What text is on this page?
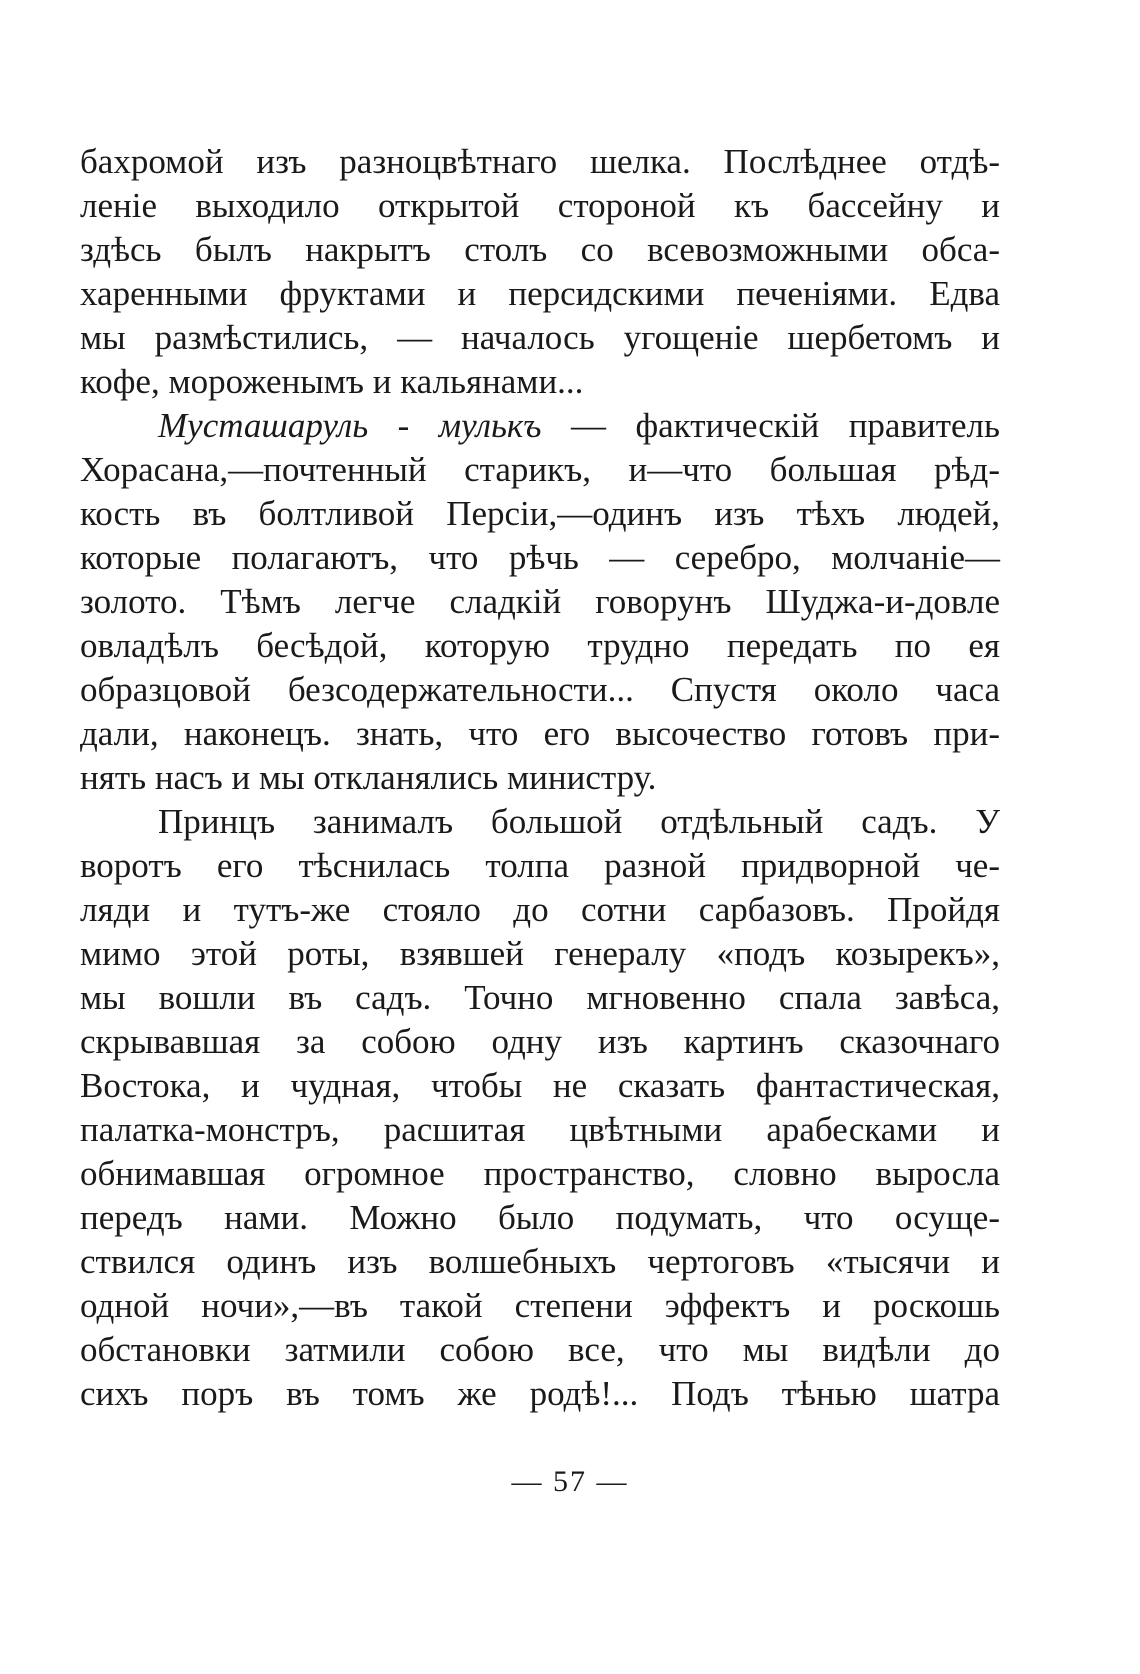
бахромой изъ разноцвѣтнаго шелка. Послѣднее отдѣ-
леніе выходило открытой стороной къ бассейну и
здѣсь былъ накрытъ столъ со всевозможными обса-
харенными фруктами и персидскими печеніями. Едва
мы размѣстились, — началось угощеніе шербетомъ и
кофе, мороженымъ и кальянами...
Мусташаруль - мулькъ — фактическій правитель
Хорасана,—почтенный старикъ, и—что большая рѣд-
кость въ болтливой Персіи,—одинъ изъ тѣхъ людей,
которые полагаютъ, что рѣчь — серебро, молчаніе—
золото. Тѣмъ легче сладкій говорунъ Шуджа-и-довле
овладѣлъ бесѣдой, которую трудно передать по ея
образцовой безсодержательности... Спустя около часа
дали, наконецъ. знать, что его высочество готовъ при-
нять насъ и мы откланялись министру.
Принцъ занималъ большой отдѣльный садъ. У
воротъ его тѣснилась толпа разной придворной че-
ляди и тутъ-же стояло до сотни сарбазовъ. Пройдя
мимо этой роты, взявшей генералу «подъ козырекъ»,
мы вошли въ садъ. Точно мгновенно спала завѣса,
скрывавшая за собою одну изъ картинъ сказочнаго
Востока, и чудная, чтобы не сказать фантастическая,
палатка-монстръ, расшитая цвѣтными арабесками и
обнимавшая огромное пространство, словно выросла
передъ нами. Можно было подумать, что осуще-
ствился одинъ изъ волшебныхъ чертоговъ «тысячи и
одной ночи»,—въ такой степени эффектъ и роскошь
обстановки затмили собою все, что мы видѣли до
сихъ поръ въ томъ же родѣ!... Подъ тѣнью шатра
— 57 —
